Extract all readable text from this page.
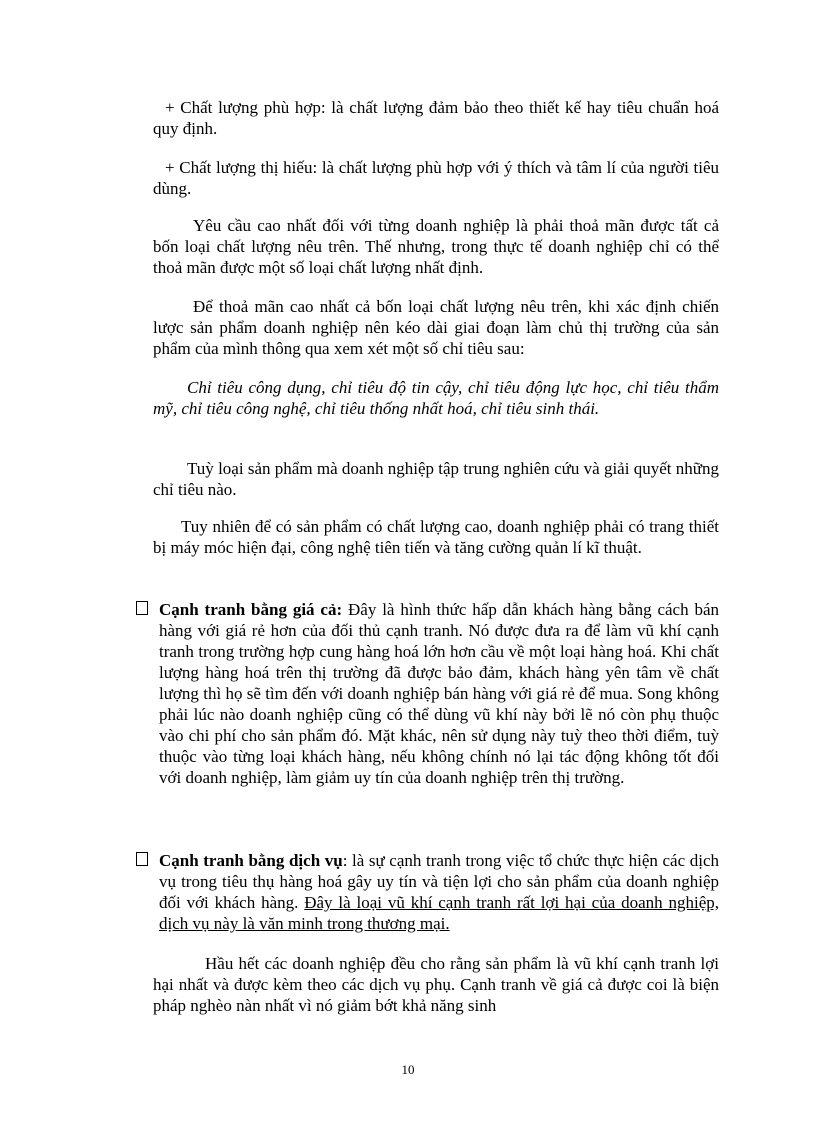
+ Chất lượng phù hợp: là chất lượng đảm bảo theo thiết kế hay tiêu chuẩn hoá quy định.

+ Chất lượng thị hiếu: là chất lượng phù hợp với ý thích và tâm lí của người tiêu dùng.

Yêu cầu cao nhất đối với từng doanh nghiệp là phải thoả mãn được tất cả bốn loại chất lượng nêu trên. Thế nhưng, trong thực tế doanh nghiệp chỉ có thể thoả mãn được một số loại chất lượng nhất định.

Để thoả mãn cao nhất cả bốn loại chất lượng nêu trên, khi xác định chiến lược sản phẩm doanh nghiệp nên kéo dài giai đoạn làm chủ thị trường của sản phẩm của mình thông qua xem xét một số chỉ tiêu sau:

Chỉ tiêu công dụng, chỉ tiêu độ tin cậy, chỉ tiêu động lực học, chỉ tiêu thẩm mỹ, chỉ tiêu công nghệ, chỉ tiêu thống nhất hoá, chỉ tiêu sinh thái.

Tuỳ loại sản phẩm mà doanh nghiệp tập trung nghiên cứu và giải quyết những chỉ tiêu nào.

Tuy nhiên để có sản phẩm có chất lượng cao, doanh nghiệp phải có trang thiết bị máy móc hiện đại, công nghệ tiên tiến và tăng cường quản lí kĩ thuật.

Cạnh tranh bằng giá cả: Đây là hình thức hấp dẫn khách hàng bằng cách bán hàng với giá rẻ hơn của đối thủ cạnh tranh. Nó được đưa ra để làm vũ khí cạnh tranh trong trường hợp cung hàng hoá lớn hơn cầu về một loại hàng hoá. Khi chất lượng hàng hoá trên thị trường đã được bảo đảm, khách hàng yên tâm về chất lượng thì họ sẽ tìm đến với doanh nghiệp bán hàng với giá rẻ để mua. Song không phải lúc nào doanh nghiệp cũng có thể dùng vũ khí này bởi lẽ nó còn phụ thuộc vào chi phí cho sản phẩm đó. Mặt khác, nên sử dụng này tuỳ theo thời điểm, tuỳ thuộc vào từng loại khách hàng, nếu không chính nó lại tác động không tốt đối với doanh nghiệp, làm giảm uy tín của doanh nghiệp trên thị trường.

Cạnh tranh bằng dịch vụ: là sự cạnh tranh trong việc tổ chức thực hiện các dịch vụ trong tiêu thụ hàng hoá gây uy tín và tiện lợi cho sản phẩm của doanh nghiệp đối với khách hàng. Đây là loại vũ khí cạnh tranh rất lợi hại của doanh nghiệp, dịch vụ này là văn minh trong thương mại.

Hầu hết các doanh nghiệp đều cho rằng sản phẩm là vũ khí cạnh tranh lợi hại nhất và được kèm theo các dịch vụ phụ. Cạnh tranh về giá cả được coi là biện pháp nghèo nàn nhất vì nó giảm bớt khả năng sinh

10
